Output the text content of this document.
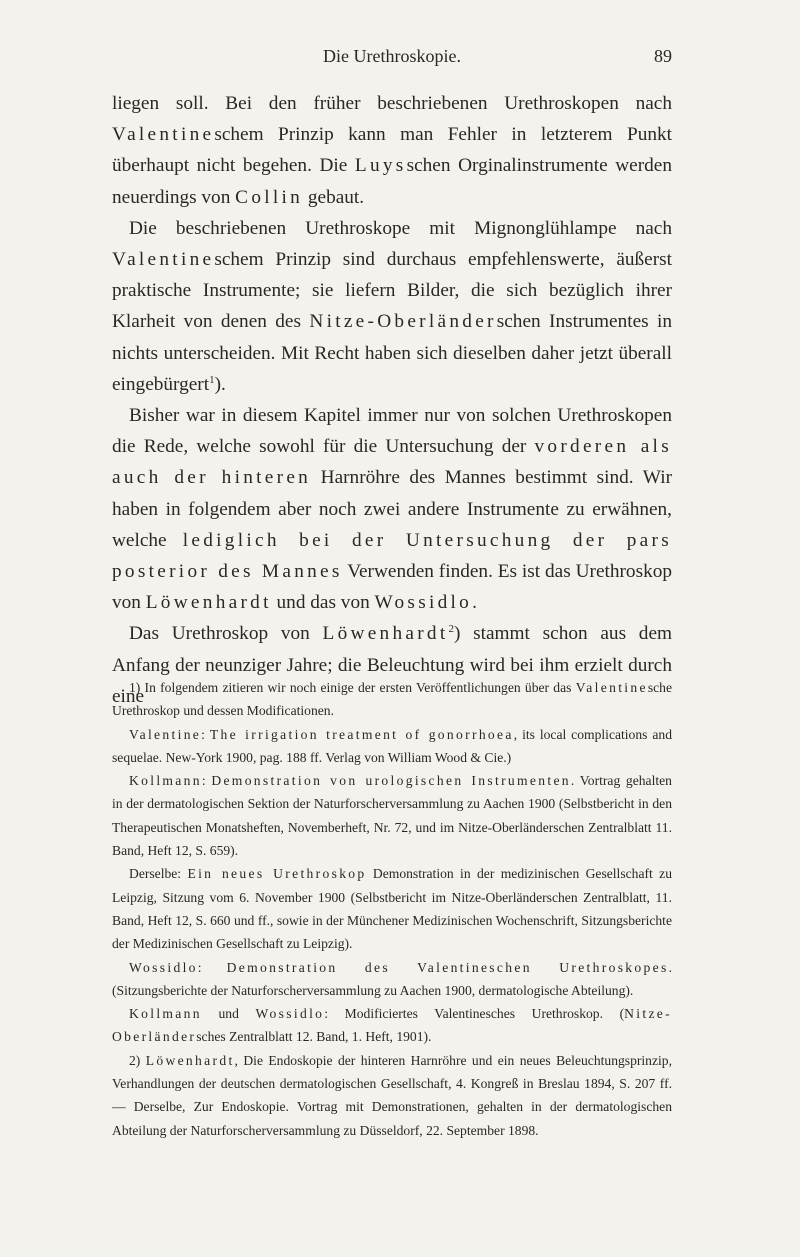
Die Urethroskopie.	89

liegen soll. Bei den früher beschriebenen Urethroskopen nach Valentineschem Prinzip kann man Fehler in letzterem Punkt überhaupt nicht begehen. Die Luysschen Orginalinstrumente werden neuerdings von Collin gebaut.

Die beschriebenen Urethroskope mit Mignonglühlampe nach Valentineschem Prinzip sind durchaus empfehlenswerte, äußerst praktische Instrumente; sie liefern Bilder, die sich bezüglich ihrer Klarheit von denen des Nitze-Oberländerschen Instrumentes in nichts unterscheiden. Mit Recht haben sich dieselben daher jetzt überall eingebürgert$^1$).

Bisher war in diesem Kapitel immer nur von solchen Urethroskopen die Rede, welche sowohl für die Untersuchung der vorderen als auch der hinteren Harnröhre des Mannes bestimmt sind. Wir haben in folgendem aber noch zwei andere Instrumente zu erwähnen, welche lediglich bei der Untersuchung der pars posterior des Mannes Verwenden finden. Es ist das Urethroskop von Löwenhardt und das von Wossidlo.

Das Urethroskop von Löwenhardt$^2$) stammt schon aus dem Anfang der neunziger Jahre; die Beleuchtung wird bei ihm erzielt durch eine

1) In folgendem zitieren wir noch einige der ersten Veröffentlichungen über das Valentinesche Urethroskop und dessen Modificationen.

Valentine: The irrigation treatment of gonorrhoea, its local complications and sequelae. New-York 1900, pag. 188 ff. Verlag von William Wood & Cie.)

Kollmann: Demonstration von urologischen Instrumenten. Vortrag gehalten in der dermatologischen Sektion der Naturforscherversammlung zu Aachen 1900 (Selbstbericht in den Therapeutischen Monatsheften, Novemberheft, Nr. 72, und im Nitze-Oberländerschen Zentralblatt 11. Band, Heft 12, S. 659).

Derselbe: Ein neues Urethroskop Demonstration in der medizinischen Gesellschaft zu Leipzig, Sitzung vom 6. November 1900 (Selbstbericht im Nitze-Oberländerschen Zentralblatt, 11. Band, Heft 12, S. 660 und ff., sowie in der Münchener Medizinischen Wochenschrift, Sitzungsberichte der Medizinischen Gesellschaft zu Leipzig).

Wossidlo: Demonstration des Valentineschen Urethroskopes. (Sitzungsberichte der Naturforscherversammlung zu Aachen 1900, dermatologische Abteilung).

Kollmann und Wossidlo: Modificiertes Valentinesches Urethroskop. (Nitze-Oberländersches Zentralblatt 12. Band, 1. Heft, 1901).

2) Löwenhardt, Die Endoskopie der hinteren Harnröhre und ein neues Beleuchtungsprinzip, Verhandlungen der deutschen dermatologischen Gesellschaft, 4. Kongreß in Breslau 1894, S. 207 ff. — Derselbe, Zur Endoskopie. Vortrag mit Demonstrationen, gehalten in der dermatologischen Abteilung der Naturforscherversammlung zu Düsseldorf, 22. September 1898.
